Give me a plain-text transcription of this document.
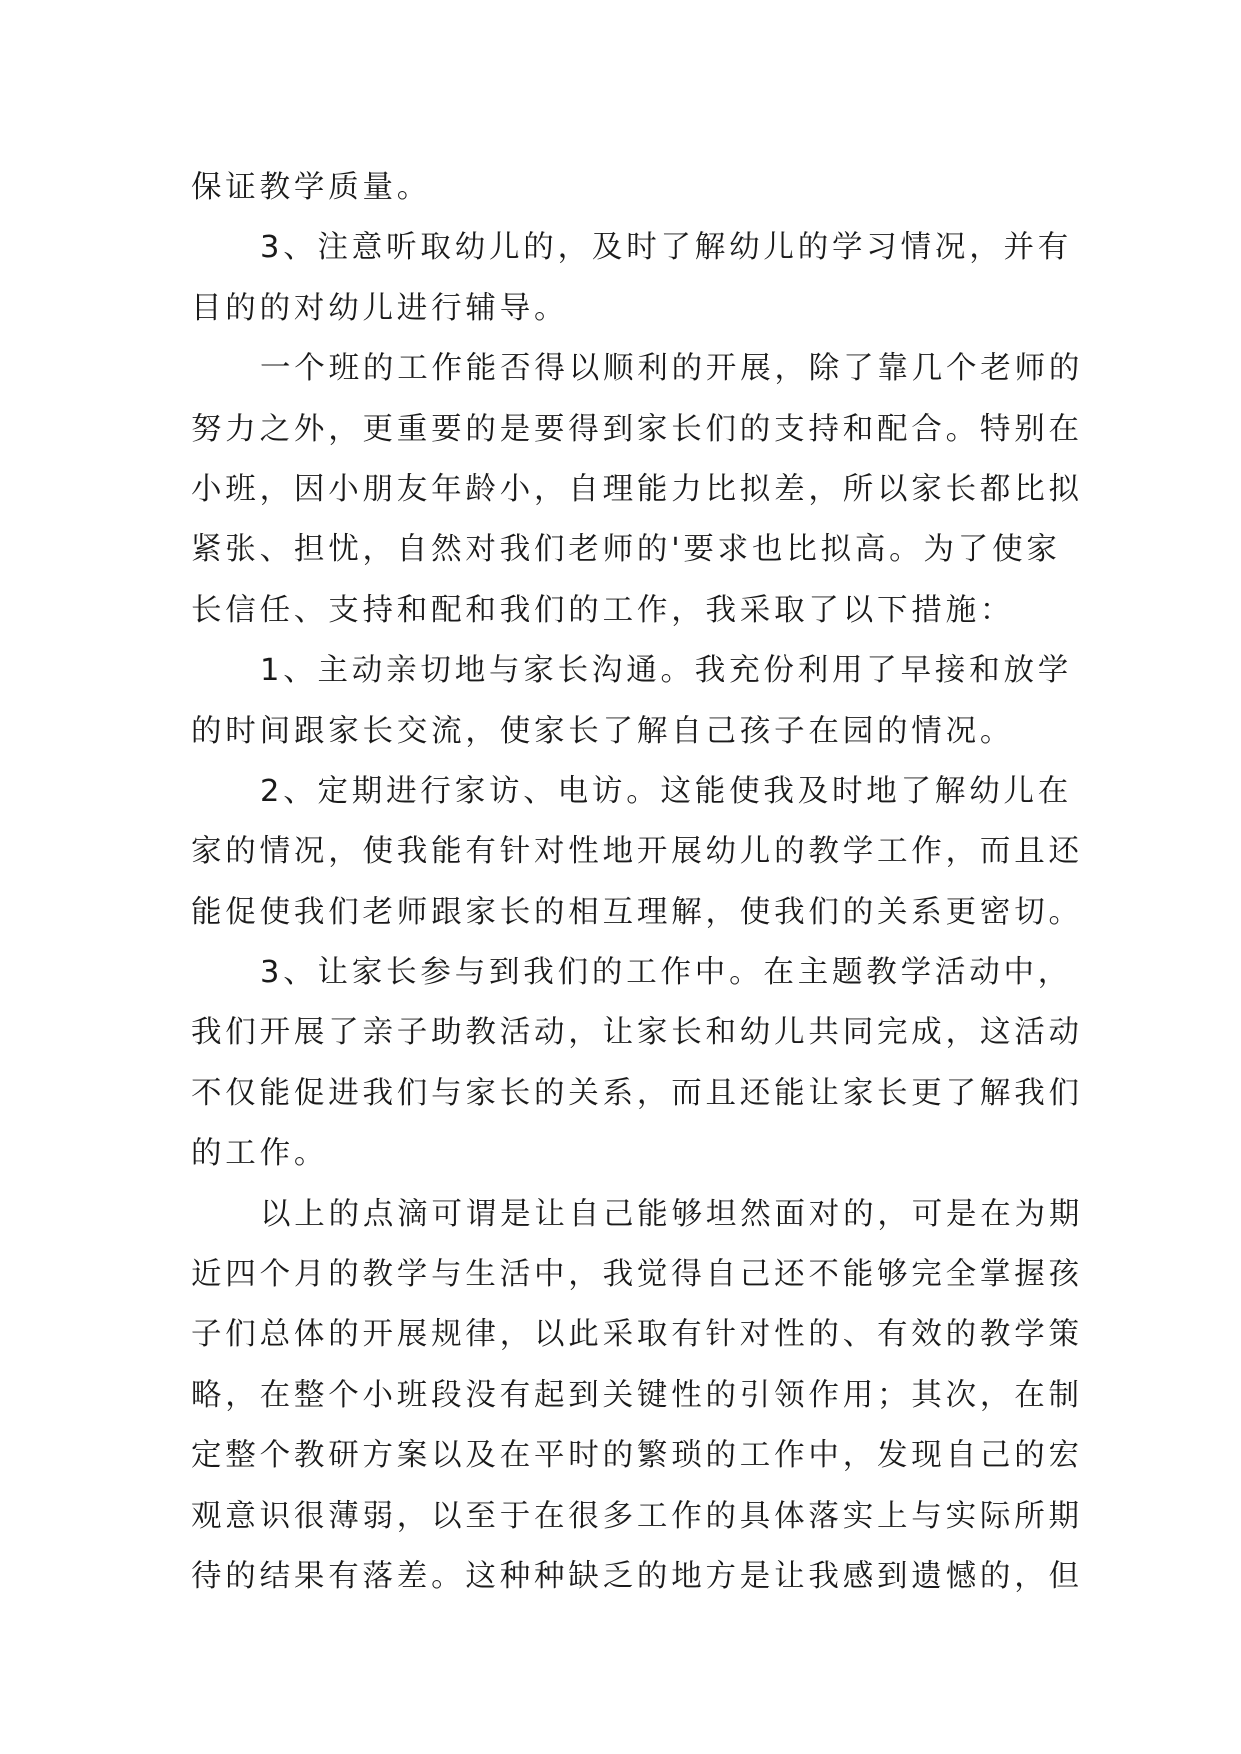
保证教学质量。
3、注意听取幼儿的，及时了解幼儿的学习情况，并有
目的的对幼儿进行辅导。
一个班的工作能否得以顺利的开展，除了靠几个老师的
努力之外，更重要的是要得到家长们的支持和配合。特别在
小班，因小朋友年龄小，自理能力比拟差，所以家长都比拟
紧张、担忧，自然对我们老师的'要求也比拟高。为了使家
长信任、支持和配和我们的工作，我采取了以下措施：
1、主动亲切地与家长沟通。我充份利用了早接和放学
的时间跟家长交流，使家长了解自己孩子在园的情况。
2、定期进行家访、电访。这能使我及时地了解幼儿在
家的情况，使我能有针对性地开展幼儿的教学工作，而且还
能促使我们老师跟家长的相互理解，使我们的关系更密切。
3、让家长参与到我们的工作中。在主题教学活动中，
我们开展了亲子助教活动，让家长和幼儿共同完成，这活动
不仅能促进我们与家长的关系，而且还能让家长更了解我们
的工作。
以上的点滴可谓是让自己能够坦然面对的，可是在为期
近四个月的教学与生活中，我觉得自己还不能够完全掌握孩
子们总体的开展规律，以此采取有针对性的、有效的教学策
略，在整个小班段没有起到关键性的引领作用；其次，在制
定整个教研方案以及在平时的繁琐的工作中，发现自己的宏
观意识很薄弱，以至于在很多工作的具体落实上与实际所期
待的结果有落差。这种种缺乏的地方是让我感到遗憾的，但
